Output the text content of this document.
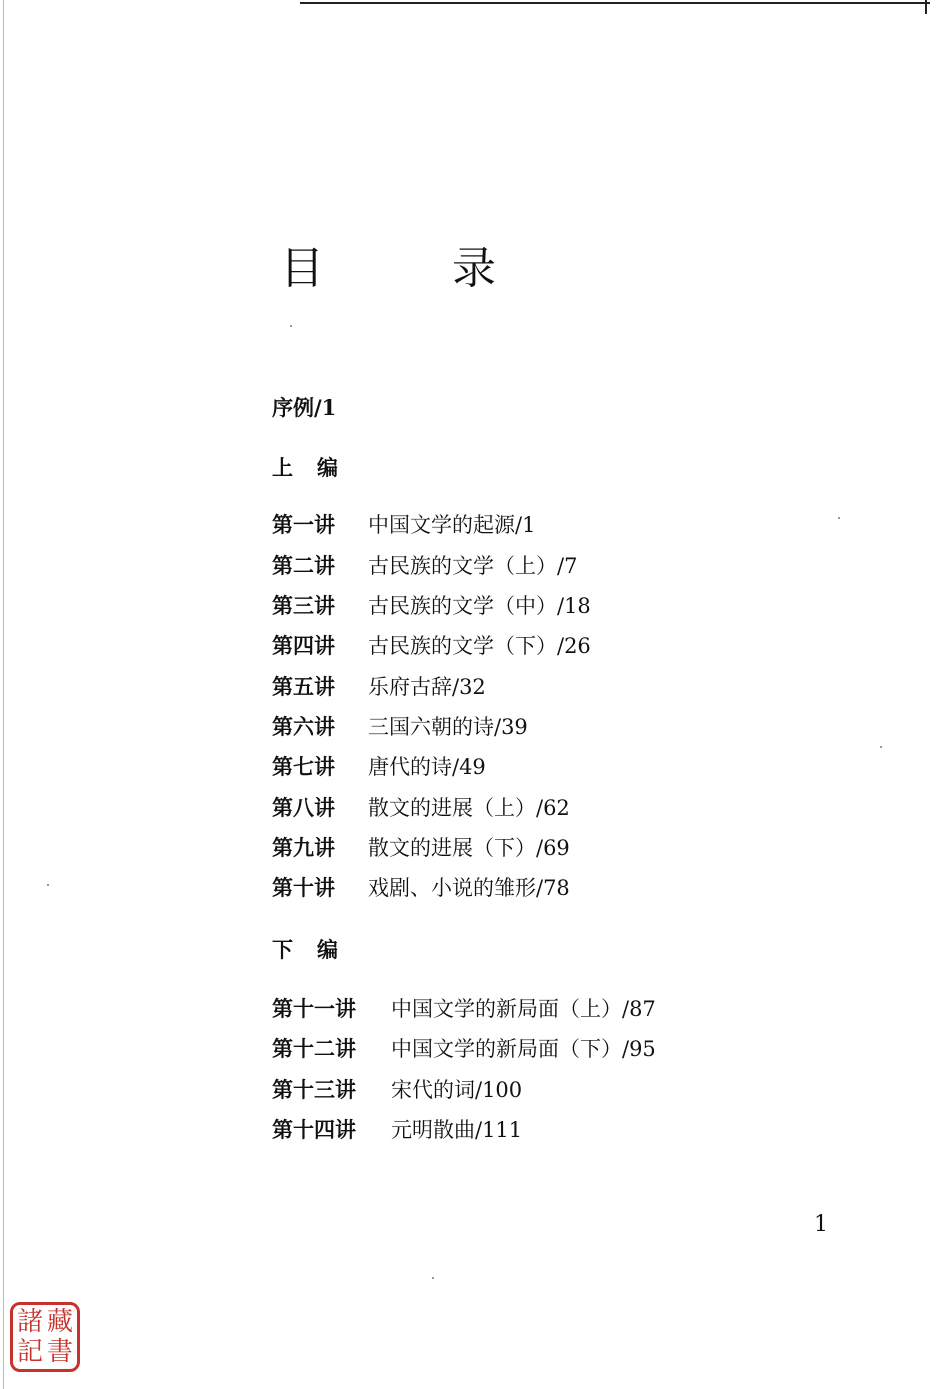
目　录
序例/1
上编
第一讲 中国文学的起源/1
第二讲 古民族的文学（上）/7
第三讲 古民族的文学（中）/18
第四讲 古民族的文学（下）/26
第五讲 乐府古辞/32
第六讲 三国六朝的诗/39
第七讲 唐代的诗/49
第八讲 散文的进展（上）/62
第九讲 散文的进展（下）/69
第十讲 戏剧、小说的雏形/78
下编
第十一讲 中国文学的新局面（上）/87
第十二讲 中国文学的新局面（下）/95
第十三讲 宋代的词/100
第十四讲 元明散曲/111
1
諸 藏
記 書
